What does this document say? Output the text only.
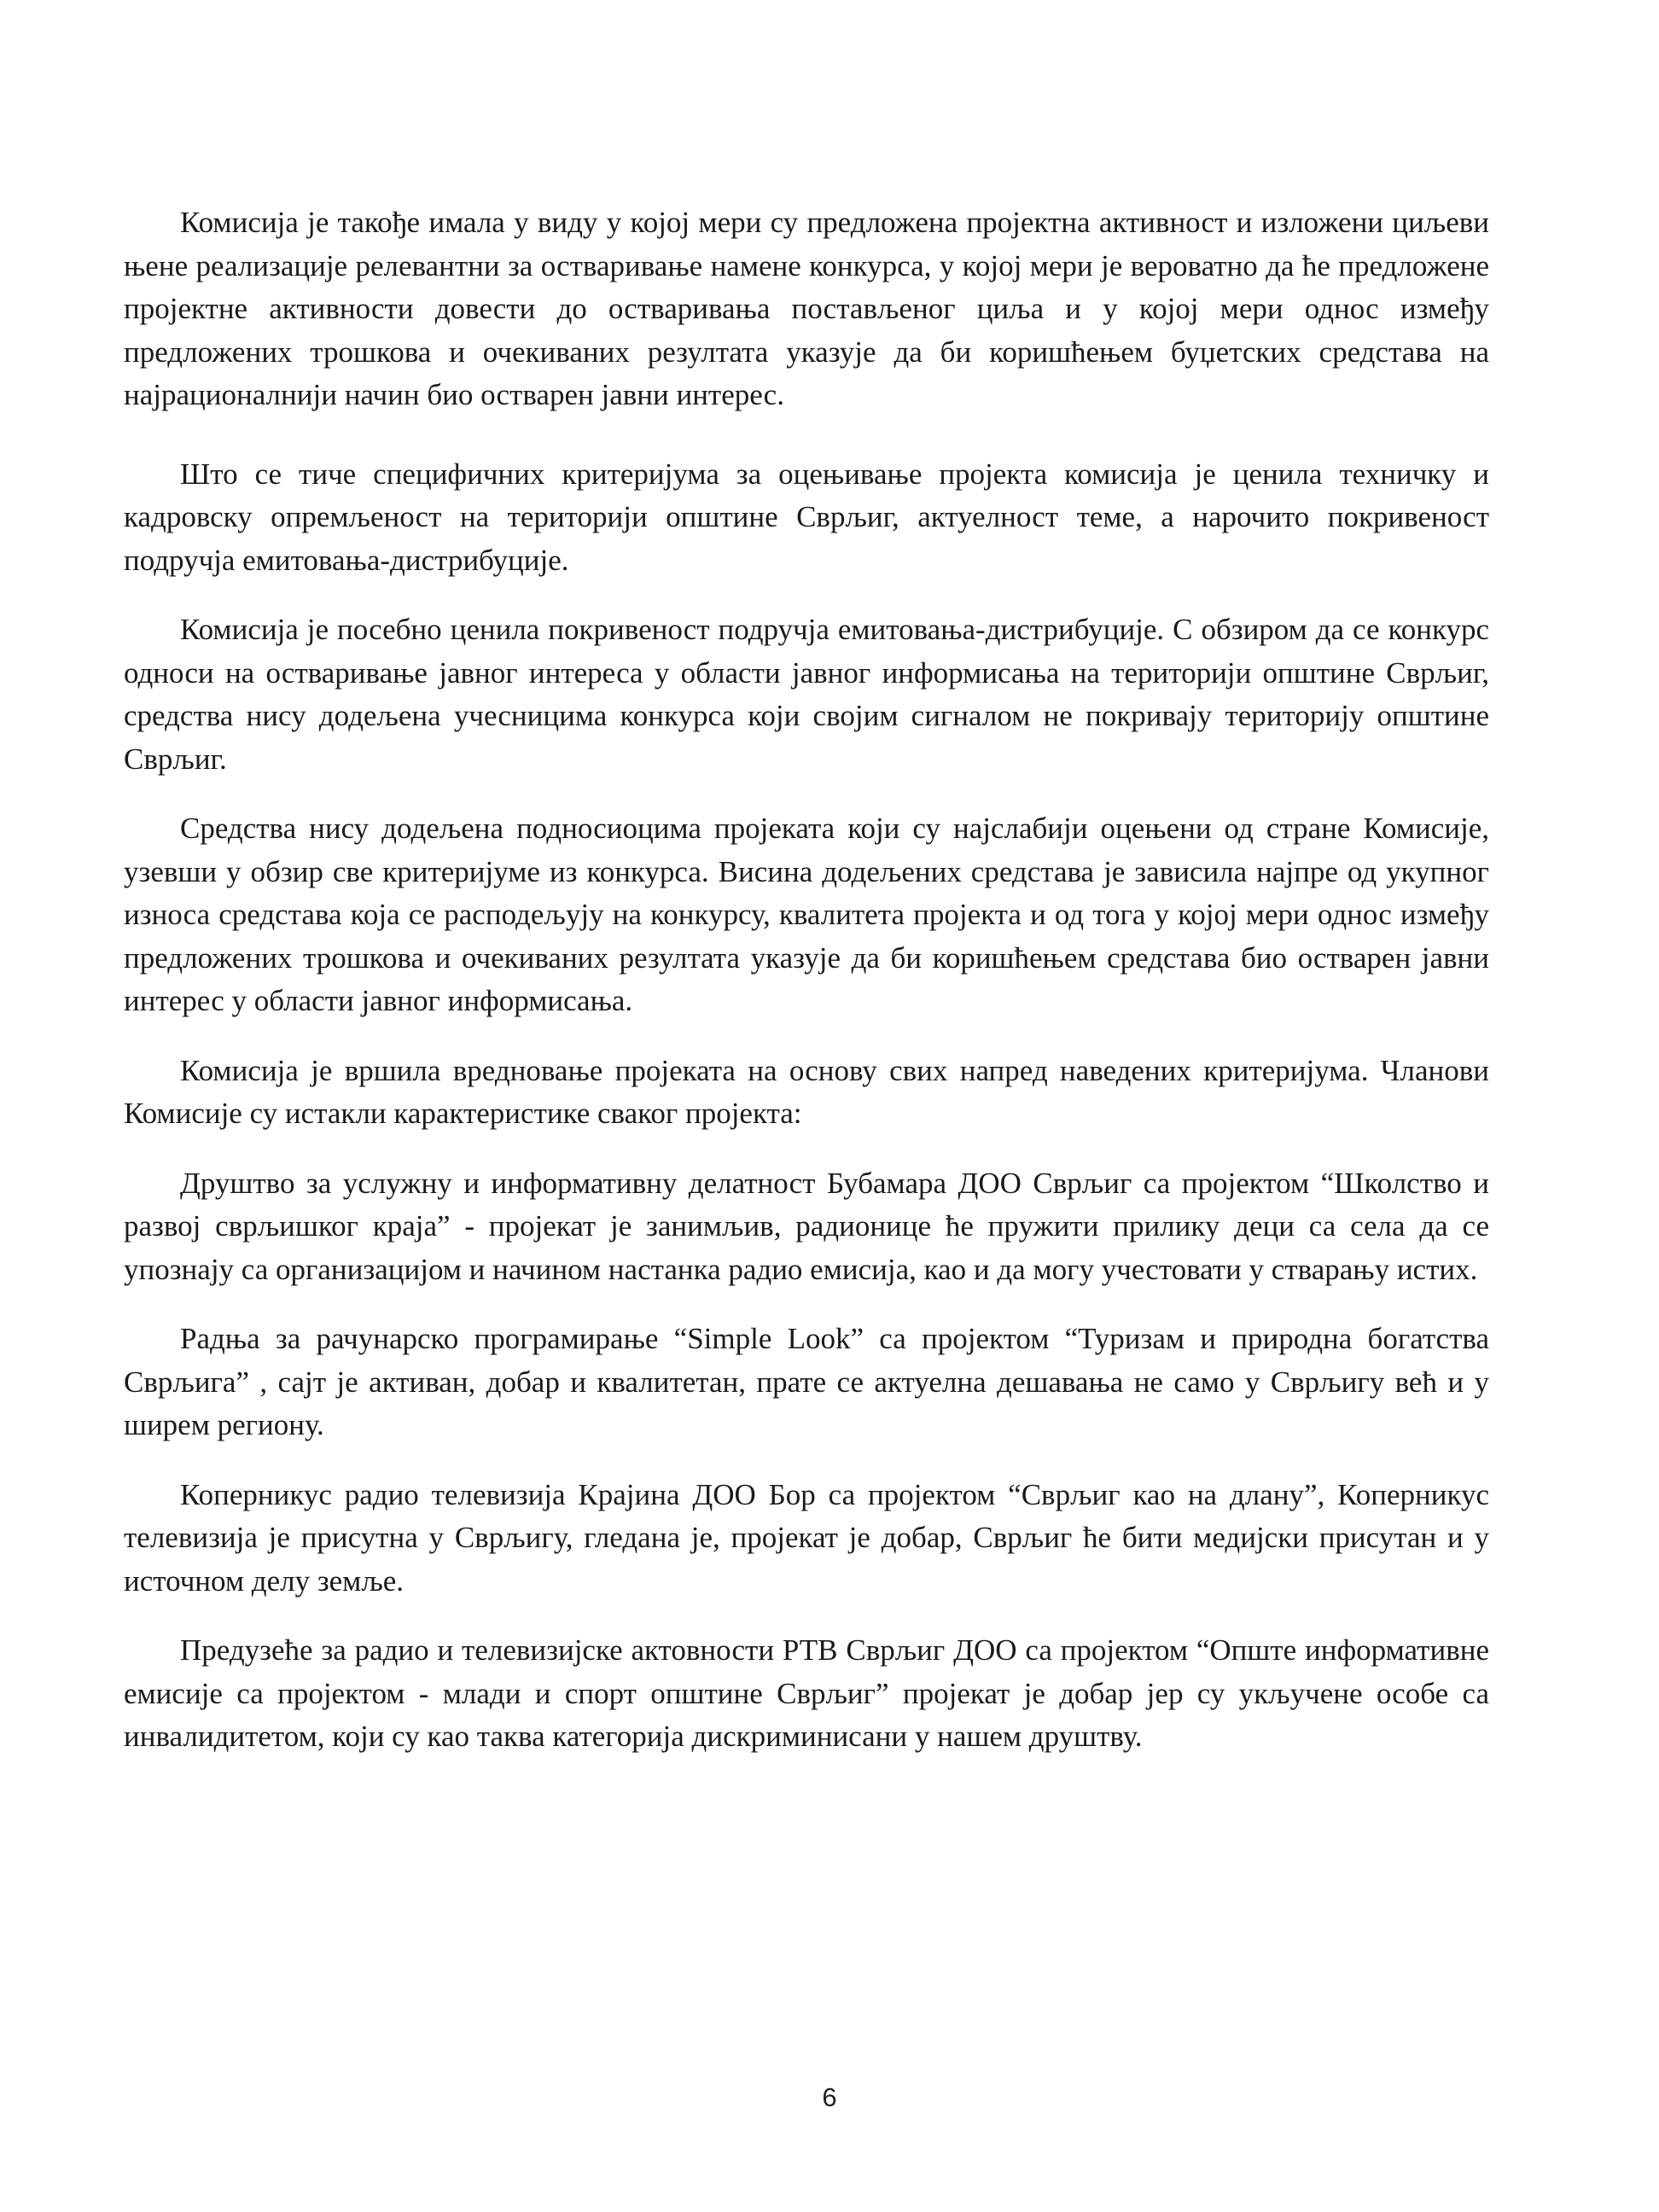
Комисија је такође имала у виду у којој мери су предложена пројектна активност и изложени циљеви њене реализације релевантни за остваривање намене конкурса, у којој мери је вероватно да ће предложене пројектне активности довести до остваривања постављеног циља и у којој мери однос између предложених трошкова и очекиваних резултата указује да би коришћењем буџетских средстава на најрационалнији начин био остварен јавни интерес.

Што се тиче специфичних критеријума за оцењивање пројекта комисија је ценила техничку и кадровску опремљеност на територији општине Сврљиг, актуелност теме, а нарочито покривеност подручја емитовања-дистрибуције.

Комисија је посебно ценила покривеност подручја емитовања-дистрибуције. С обзиром да се конкурс односи на остваривање јавног интереса у области јавног информисања на територији општине Сврљиг, средства нису додељена учесницима конкурса који својим сигналом не покривају територију општине Сврљиг.

Средства нису додељена подносиоцима пројеката који су најслабији оцењени од стране Комисије, узевши у обзир све критеријуме из конкурса. Висина додељених средстава је зависила најпре од укупног износа средстава која се расподељују на конкурсу, квалитета пројекта и од тога у којој мери однос између предложених трошкова и очекиваних резултата указује да би коришћењем средстава био остварен јавни интерес у области јавног информисања.

Комисија је вршила вредновање пројеката на основу свих напред наведених критеријума. Чланови Комисије су истакли карактеристике сваког пројекта:

Друштво за услужну и информативну делатност Бубамара ДОО Сврљиг са пројектом “Школство и развој сврљишког краја” - пројекат је занимљив, радионице ће пружити прилику деци са села да се упознају са организацијом и начином настанка радио емисија, као и да могу учестовати у стварању истих.

Радња за рачунарско програмирање “Simple Look” са пројектом “Туризам и природна богатства Сврљига” , сајт је активан, добар и квалитетан, прате се актуелна дешавања не само у Сврљигу већ и у ширем региону.

Коперникус радио телевизија Крајина ДОО Бор са пројектом “Сврљиг као на длану”, Коперникус телевизија је присутна у Сврљигу, гледана је, пројекат је добар, Сврљиг ће бити медијски присутан и у источном делу земље.

Предузеће за радио и телевизијске актовности РТВ Сврљиг ДОО са пројектом “Опште информативне емисије са пројектом - млади и спорт општине Сврљиг” пројекат је добар јер су укључене особе са инвалидитетом, који су као таква категорија дискриминисани у нашем друштву.

6
